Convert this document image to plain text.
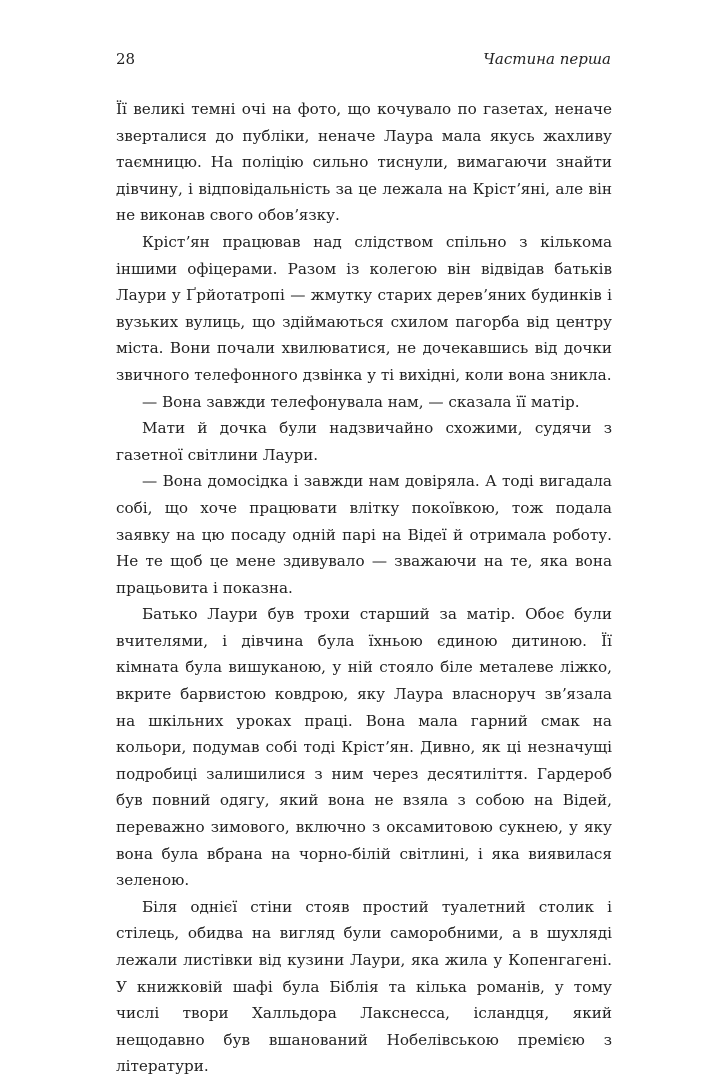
28	Частина перша

Її великі темні очі на фото, що кочувало по газетах, неначе зверталися до публіки, неначе Лаура мала якусь жахливу таємницю. На поліцію сильно тиснули, вимагаючи знайти дівчину, і відповідальність за це лежала на Крістʼяні, але він не виконав свого обовʼязку.

Крістʼян працював над слідством спільно з кількома іншими офіцерами. Разом із колегою він відвідав батьків Лаури у Ґрйотатропі — жмутку старих деревʼяних будинків і вузьких вулиць, що здіймаються схилом пагорба від центру міста. Вони почали хвилюватися, не дочекавшись від дочки звичного телефонного дзвінка у ті вихідні, коли вона зникла.

— Вона завжди телефонувала нам, — сказала її матір.

Мати й дочка були надзвичайно схожими, судячи з газетної світлини Лаури.

— Вона домосідка і завжди нам довіряла. А тоді вигадала собі, що хоче працювати влітку покоївкою, тож подала заявку на цю посаду одній парі на Відеї й отримала роботу. Не те щоб це мене здивувало — зважаючи на те, яка вона працьовита і показна.

Батько Лаури був трохи старший за матір. Обоє були вчителями, і дівчина була їхньою єдиною дитиною. Її кімната була вишуканою, у ній стояло біле металеве ліжко, вкрите барвистою ковдрою, яку Лаура власноруч звʼязала на шкільних уроках праці. Вона мала гарний смак на кольори, подумав собі тоді Крістʼян. Дивно, як ці незначущі подробиці залишилися з ним через десятиліття. Гардероб був повний одягу, який вона не взяла з собою на Відей, переважно зимового, включно з оксамитовою сукнею, у яку вона була вбрана на чорно-білій світлині, і яка виявилася зеленою.

Біля однієї стіни стояв простий туалетний столик і стілець, обидва на вигляд були саморобними, а в шухляді лежали листівки від кузини Лаури, яка жила у Копенгагені. У книжковій шафі була Біблія та кілька романів, у тому числі твори Халльдора Лакснесса, ісландця, який нещодавно був вшанований Нобелівською премією з літератури.
